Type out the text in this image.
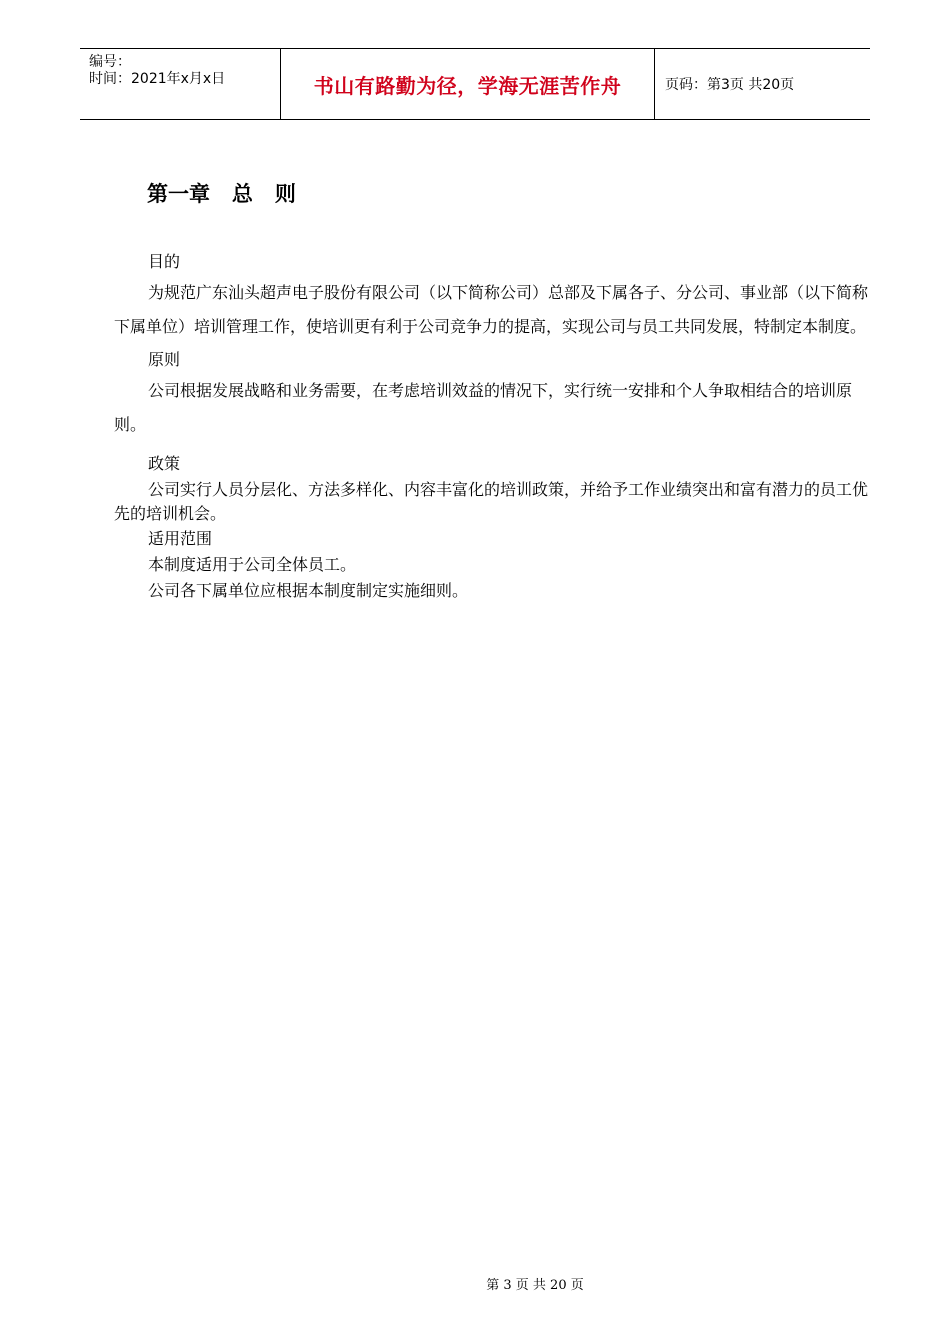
编号：
时间：2021年x月x日	书山有路勤为径，学海无涯苦作舟	页码：第3页 共20页
第一章   总   则
目的
为规范广东汕头超声电子股份有限公司（以下简称公司）总部及下属各子、分公司、事业部（以下简称下属单位）培训管理工作，使培训更有利于公司竞争力的提高，实现公司与员工共同发展，特制定本制度。
原则
公司根据发展战略和业务需要，在考虑培训效益的情况下，实行统一安排和个人争取相结合的培训原则。
政策
公司实行人员分层化、方法多样化、内容丰富化的培训政策，并给予工作业绩突出和富有潜力的员工优先的培训机会。
适用范围
本制度适用于公司全体员工。
公司各下属单位应根据本制度制定实施细则。
第 3 页 共 20 页
